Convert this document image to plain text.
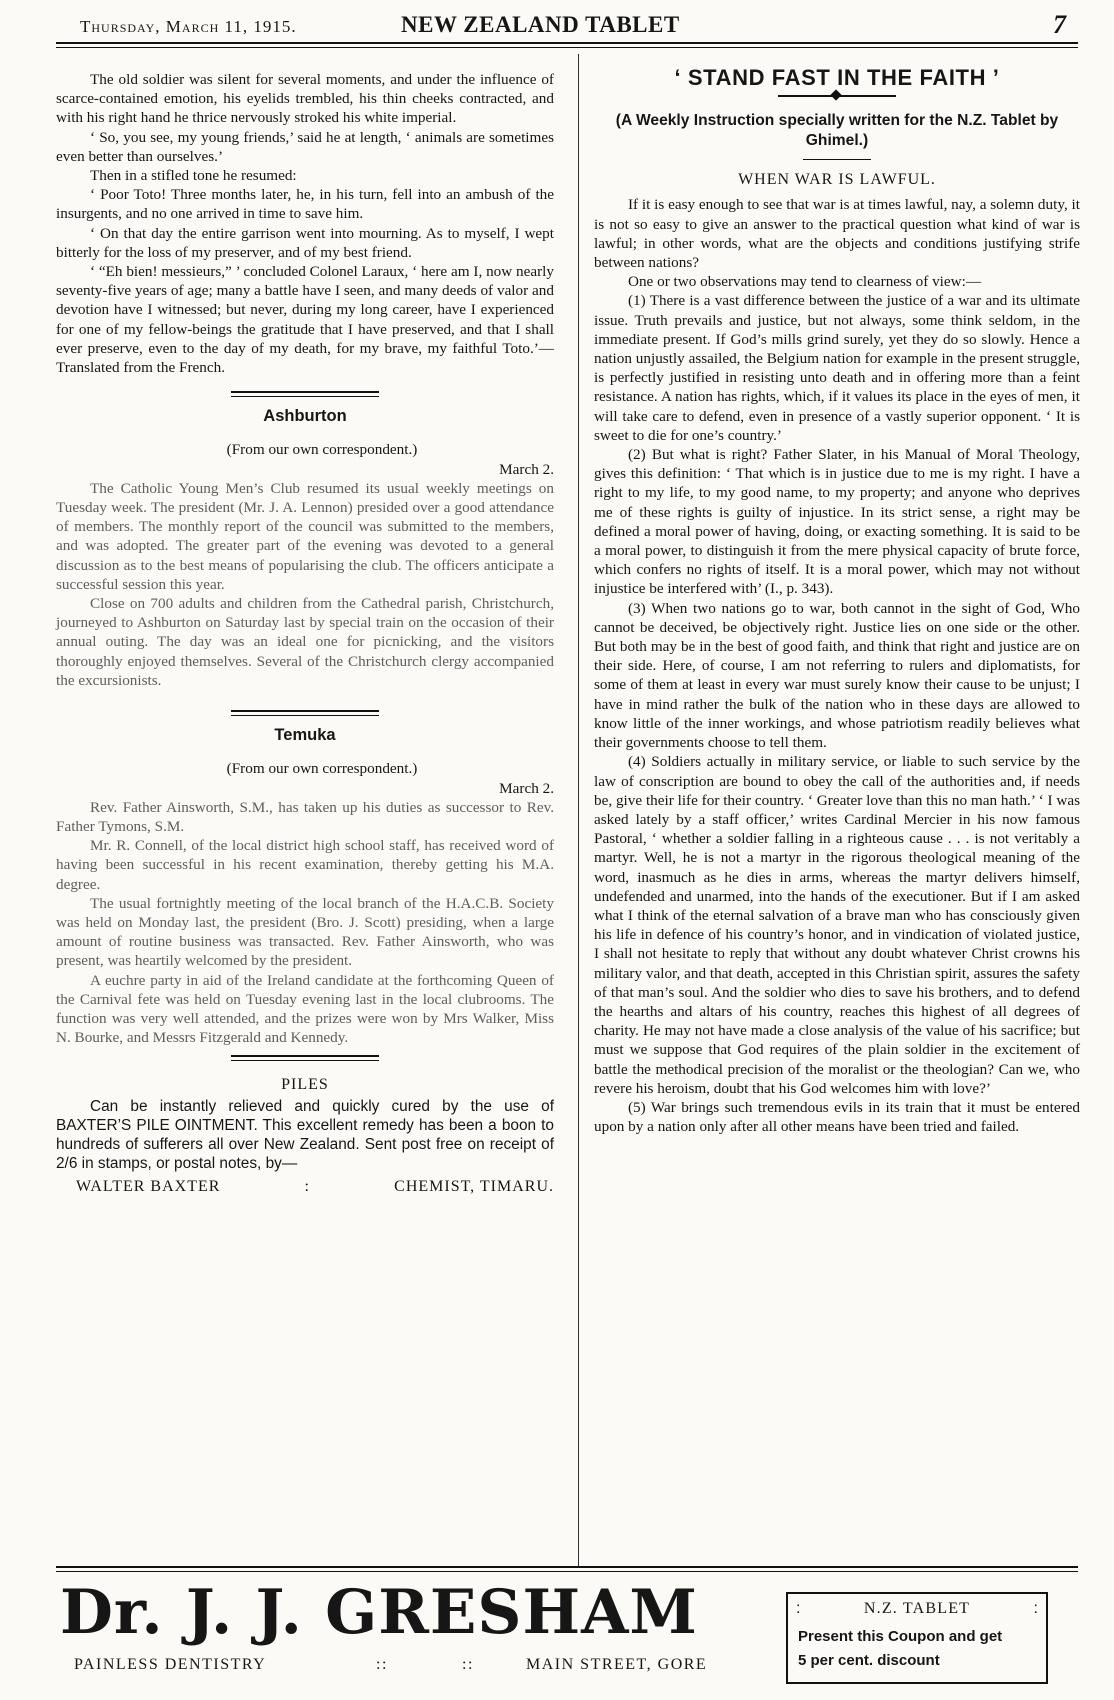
Thursday, March 11, 1915.	NEW ZEALAND TABLET	7

The old soldier was silent for several moments, and under the influence of scarce-contained emotion, his eyelids trembled, his thin cheeks contracted, and with his right hand he thrice nervously stroked his white imperial.

‘ So, you see, my young friends,’ said he at length, ‘ animals are sometimes even better than ourselves.’

Then in a stifled tone he resumed:

‘ Poor Toto! Three months later, he, in his turn, fell into an ambush of the insurgents, and no one arrived in time to save him.

‘ On that day the entire garrison went into mourning. As to myself, I wept bitterly for the loss of my preserver, and of my best friend.

‘ “Eh bien! messieurs,” ’ concluded Colonel Laraux, ‘ here am I, now nearly seventy-five years of age; many a battle have I seen, and many deeds of valor and devotion have I witnessed; but never, during my long career, have I experienced for one of my fellow-beings the gratitude that I have preserved, and that I shall ever preserve, even to the day of my death, for my brave, my faithful Toto.’—Translated from the French.

Ashburton

(From our own correspondent.)

March 2.

The Catholic Young Men’s Club resumed its usual weekly meetings on Tuesday week. The president (Mr. J. A. Lennon) presided over a good attendance of members. The monthly report of the council was submitted to the members, and was adopted. The greater part of the evening was devoted to a general discussion as to the best means of popularising the club. The officers anticipate a successful session this year.

Close on 700 adults and children from the Cathedral parish, Christchurch, journeyed to Ashburton on Saturday last by special train on the occasion of their annual outing. The day was an ideal one for picnicking, and the visitors thoroughly enjoyed themselves. Several of the Christchurch clergy accompanied the excursionists.

Temuka

(From our own correspondent.)

March 2.

Rev. Father Ainsworth, S.M., has taken up his duties as successor to Rev. Father Tymons, S.M.

Mr. R. Connell, of the local district high school staff, has received word of having been successful in his recent examination, thereby getting his M.A. degree.

The usual fortnightly meeting of the local branch of the H.A.C.B. Society was held on Monday last, the president (Bro. J. Scott) presiding, when a large amount of routine business was transacted. Rev. Father Ainsworth, who was present, was heartily welcomed by the president.

A euchre party in aid of the Ireland candidate at the forthcoming Queen of the Carnival fete was held on Tuesday evening last in the local clubrooms. The function was very well attended, and the prizes were won by Mrs Walker, Miss N. Bourke, and Messrs Fitzgerald and Kennedy.

PILES

Can be instantly relieved and quickly cured by the use of BAXTER’S PILE OINTMENT. This excellent remedy has been a boon to hundreds of sufferers all over New Zealand. Sent post free on receipt of 2/6 in stamps, or postal notes, by—

WALTER BAXTER	:	CHEMIST, TIMARU.
‘ STAND FAST IN THE FAITH ’
(A Weekly Instruction specially written for the N.Z. Tablet by Ghimel.)
WHEN WAR IS LAWFUL.

If it is easy enough to see that war is at times lawful, nay, a solemn duty, it is not so easy to give an answer to the practical question what kind of war is lawful; in other words, what are the objects and conditions justifying strife between nations?

One or two observations may tend to clearness of view:—

(1) There is a vast difference between the justice of a war and its ultimate issue. Truth prevails and justice, but not always, some think seldom, in the immediate present. If God’s mills grind surely, yet they do so slowly. Hence a nation unjustly assailed, the Belgium nation for example in the present struggle, is perfectly justified in resisting unto death and in offering more than a feint resistance. A nation has rights, which, if it values its place in the eyes of men, it will take care to defend, even in presence of a vastly superior opponent. ‘ It is sweet to die for one’s country.’

(2) But what is right? Father Slater, in his Manual of Moral Theology, gives this definition: ‘ That which is in justice due to me is my right. I have a right to my life, to my good name, to my property; and anyone who deprives me of these rights is guilty of injustice. In its strict sense, a right may be defined a moral power of having, doing, or exacting something. It is said to be a moral power, to distinguish it from the mere physical capacity of brute force, which confers no rights of itself. It is a moral power, which may not without injustice be interfered with’ (I., p. 343).

(3) When two nations go to war, both cannot in the sight of God, Who cannot be deceived, be objectively right. Justice lies on one side or the other. But both may be in the best of good faith, and think that right and justice are on their side. Here, of course, I am not referring to rulers and diplomatists, for some of them at least in every war must surely know their cause to be unjust; I have in mind rather the bulk of the nation who in these days are allowed to know little of the inner workings, and whose patriotism readily believes what their governments choose to tell them.

(4) Soldiers actually in military service, or liable to such service by the law of conscription are bound to obey the call of the authorities and, if needs be, give their life for their country. ‘ Greater love than this no man hath.’ ‘ I was asked lately by a staff officer,’ writes Cardinal Mercier in his now famous Pastoral, ‘ whether a soldier falling in a righteous cause . . . is not veritably a martyr. Well, he is not a martyr in the rigorous theological meaning of the word, inasmuch as he dies in arms, whereas the martyr delivers himself, undefended and unarmed, into the hands of the executioner. But if I am asked what I think of the eternal salvation of a brave man who has consciously given his life in defence of his country’s honor, and in vindication of violated justice, I shall not hesitate to reply that without any doubt whatever Christ crowns his military valor, and that death, accepted in this Christian spirit, assures the safety of that man’s soul. And the soldier who dies to save his brothers, and to defend the hearths and altars of his country, reaches this highest of all degrees of charity. He may not have made a close analysis of the value of his sacrifice; but must we suppose that God requires of the plain soldier in the excitement of battle the methodical precision of the moralist or the theologian? Can we, who revere his heroism, doubt that his God welcomes him with love?’

(5) War brings such tremendous evils in its train that it must be entered upon by a nation only after all other means have been tried and failed.

Dr. J. J. GRESHAM
PAINLESS DENTISTRY	::	::	MAIN STREET, GORE
:	N.Z. TABLET	:
Present this Coupon and get
5 per cent. discount
